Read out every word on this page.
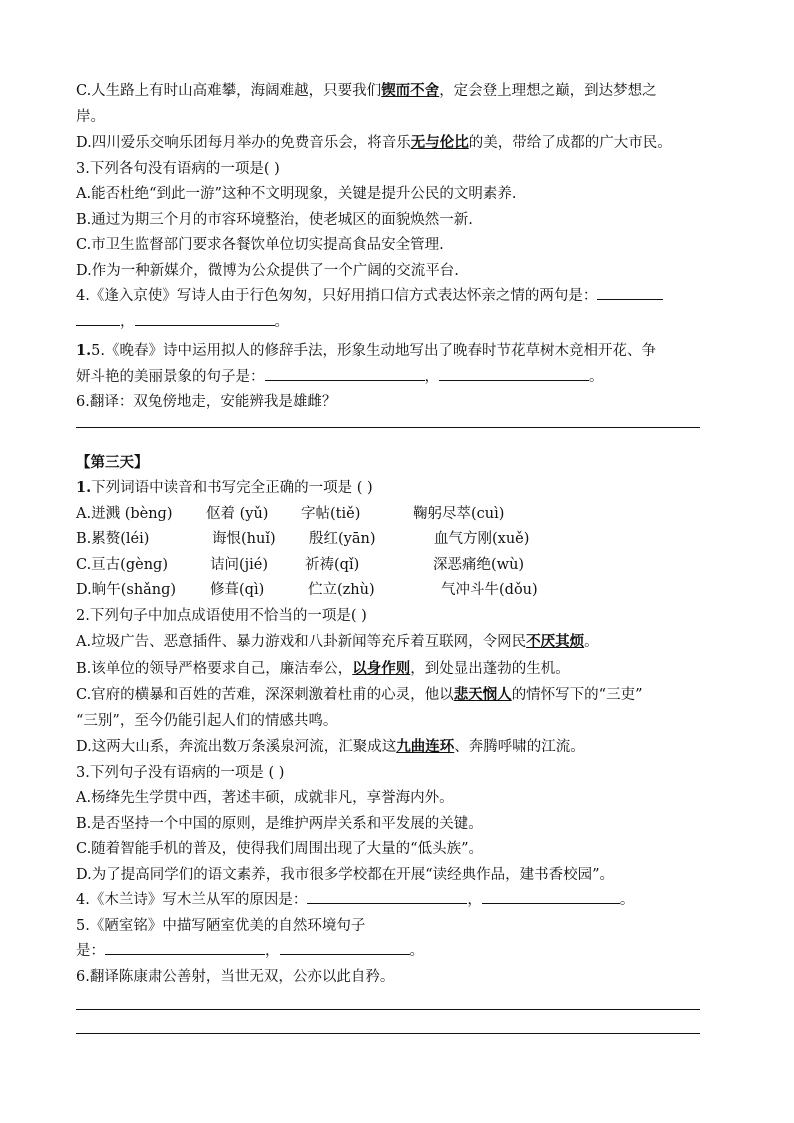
C.人生路上有时山高难攀，海阔难越，只要我们锲而不舍，定会登上理想之巅，到达梦想之
岸。
D.四川爱乐交响乐团每月举办的免费音乐会，将音乐无与伦比的美，带给了成都的广大市民。
3.下列各句没有语病的一项是( )
A.能否杜绝“到此一游”这种不文明现象，关键是提升公民的文明素养.
B.通过为期三个月的市容环境整治，使老城区的面貌焕然一新.
C.市卫生监督部门要求各餐饮单位切实提高食品安全管理.
D.作为一种新媒介，微博为公众提供了一个广阔的交流平台.
4.《逢入京使》写诗人由于行色匆匆，只好用捎口信方式表达怀亲之情的两句是：
，	。
1.5.《晚春》诗中运用拟人的修辞手法，形象生动地写出了晚春时节花草树木竞相开花、争
妍斗艳的美丽景象的句子是：	，	。
6.翻译：双兔傍地走，安能辨我是雄雌？
【第三天】
1.下列词语中读音和书写完全正确的一项是 ( )
A.迸溅 (bènɡ) 伛着 (yǔ) 字帖(tiě)	鞠躬尽萃(cuì)
B.累赘(léi)	诲恨(huǐ) 殷红(yān)	血气方刚(xuě)
C.亘古(gènɡ)	诘问(jié)	祈祷(qǐ)	深恶痛绝(wù)
D.晌午(shǎnɡ) 修葺(qì)	伫立(zhù)	气冲斗牛(dǒu)
2.下列句子中加点成语使用不恰当的一项是( )
A.垃圾广告、恶意插件、暴力游戏和八卦新闻等充斥着互联网，令网民不厌其烦。
B.该单位的领导严格要求自己，廉洁奉公，以身作则，到处显出蓬勃的生机。
C.官府的横暴和百姓的苦难，深深刺激着杜甫的心灵，他以悲天悯人的情怀写下的“三吏”
“三别”，至今仍能引起人们的情感共鸣。
D.这两大山系，奔流出数万条溪泉河流，汇聚成这九曲连环、奔腾呼啸的江流。
3.下列句子没有语病的一项是 ( )
A.杨绛先生学贯中西，著述丰硕，成就非凡，享誉海内外。
B.是否坚持一个中国的原则，是维护两岸关系和平发展的关键。
C.随着智能手机的普及，使得我们周围出现了大量的“低头族”。
D.为了提高同学们的语文素养，我市很多学校都在开展“读经典作品，建书香校园”。
4.《木兰诗》写木兰从军的原因是：	，	。
5.《陋室铭》中描写陋室优美的自然环境句子
是：	，	。
6.翻译陈康肃公善射，当世无双，公亦以此自矜。
